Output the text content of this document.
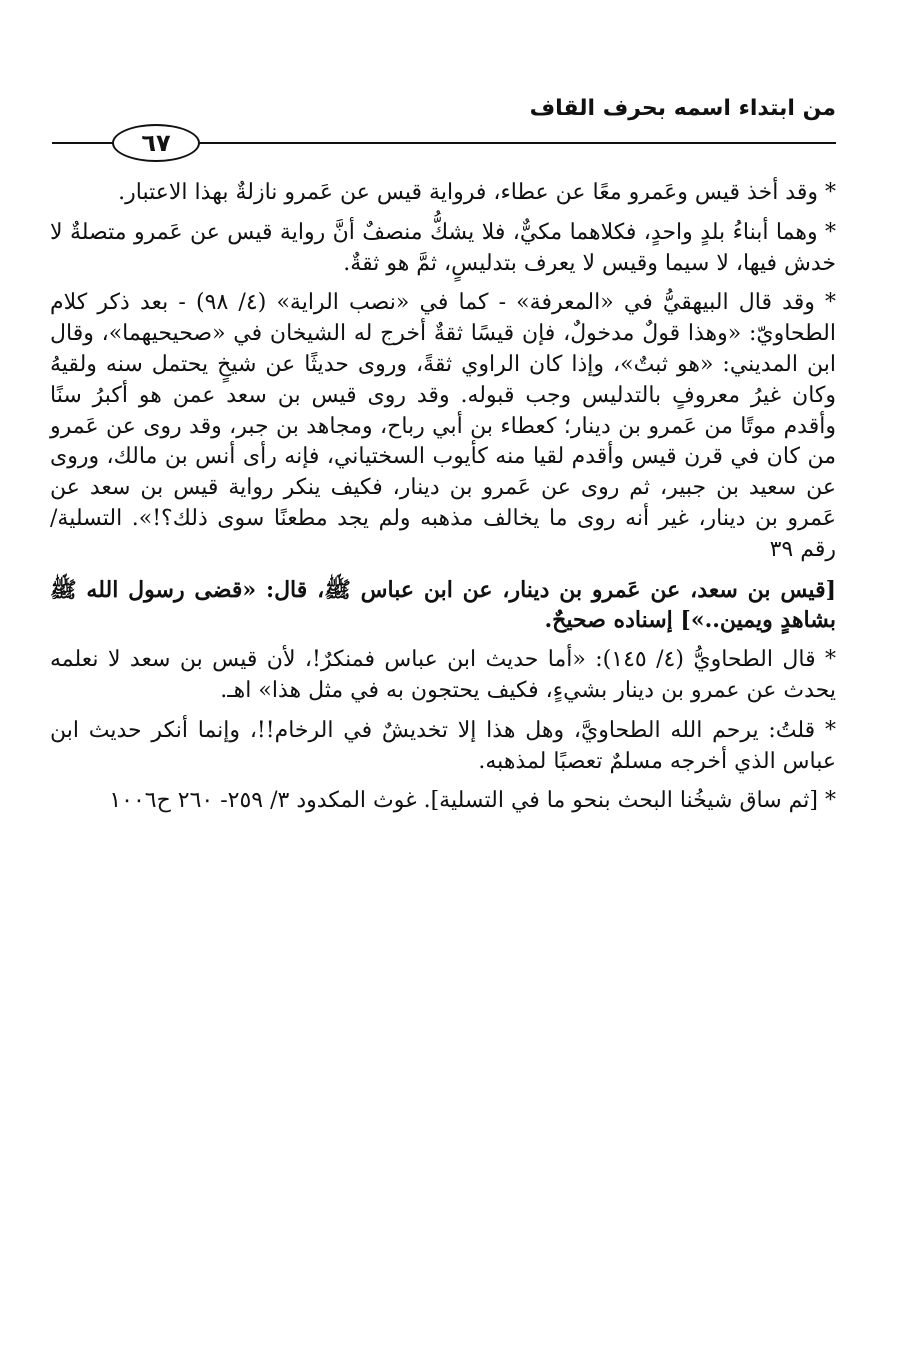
من ابتداء اسمه بحرف القاف
٦٧

* وقد أخذ قيس وعَمرو معًا عن عطاء، فرواية قيس عن عَمرو نازلةٌ بهذا الاعتبار.

* وهما أبناءُ بلدٍ واحدٍ، فكلاهما مكيٌّ، فلا يشكُّ منصفٌ أنَّ رواية قيس عن عَمرو متصلةٌ لا خدش فيها، لا سيما وقيس لا يعرف بتدليسٍ، ثمَّ هو ثقةٌ.

* وقد قال البيهقيُّ في «المعرفة» - كما في «نصب الراية» (٤/ ٩٨) - بعد ذكر كلام الطحاويّ: «وهذا قولٌ مدخولٌ، فإن قيسًا ثقةٌ أخرج له الشيخان في «صحيحيهما»، وقال ابن المديني: «هو ثبتٌ»، وإذا كان الراوي ثقةً، وروى حديثًا عن شيخٍ يحتمل سنه ولقيهُ وكان غيرُ معروفٍ بالتدليس وجب قبوله. وقد روى قيس بن سعد عمن هو أكبرُ سنًا وأقدم موتًا من عَمرو بن دينار؛ كعطاء بن أبي رباح، ومجاهد بن جبر، وقد روى عن عَمرو من كان في قرن قيس وأقدم لقيا منه كأيوب السختياني، فإنه رأى أنس بن مالك، وروى عن سعيد بن جبير، ثم روى عن عَمرو بن دينار، فكيف ينكر رواية قيس بن سعد عن عَمرو بن دينار، غير أنه روى ما يخالف مذهبه ولم يجد مطعنًا سوى ذلك؟!». التسلية/ رقم ٣٩

[قيس بن سعد، عن عَمرو بن دينار، عن ابن عباس ﷺ، قال: «قضى رسول الله ﷺ بشاهدٍ ويمين..»] إسناده صحيحٌ.

* قال الطحاويُّ (٤/ ١٤٥): «أما حديث ابن عباس فمنكرٌ!، لأن قيس بن سعد لا نعلمه يحدث عن عمرو بن دينار بشيءٍ، فكيف يحتجون به في مثل هذا» اهـ.

* قلتُ: يرحم الله الطحاويَّ، وهل هذا إلا تخديشٌ في الرخام!!، وإنما أنكر حديث ابن عباس الذي أخرجه مسلمٌ تعصبًا لمذهبه.

* [ثم ساق شيخُنا البحث بنحو ما في التسلية]. غوث المكدود ٣/ ٢٥٩- ٢٦٠ ح١٠٠٦
